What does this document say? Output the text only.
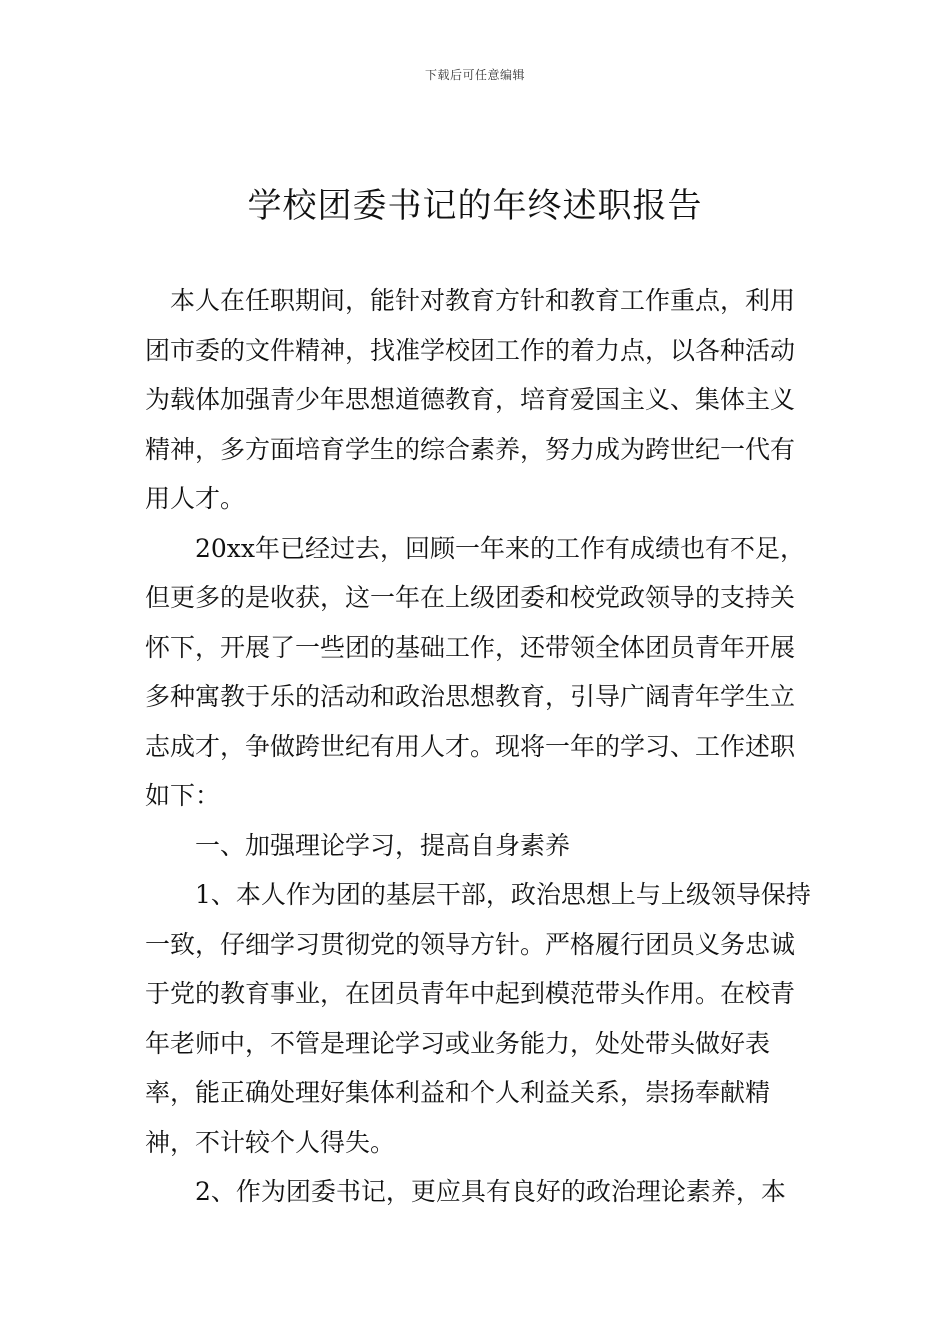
下载后可任意编辑
学校团委书记的年终述职报告

本人在任职期间，能针对教育方针和教育工作重点，利用团市委的文件精神，找准学校团工作的着力点，以各种活动为载体加强青少年思想道德教育，培育爱国主义、集体主义精神，多方面培育学生的综合素养，努力成为跨世纪一代有用人才。

20xx年已经过去，回顾一年来的工作有成绩也有不足，但更多的是收获，这一年在上级团委和校党政领导的支持关怀下，开展了一些团的基础工作，还带领全体团员青年开展多种寓教于乐的活动和政治思想教育，引导广阔青年学生立志成才，争做跨世纪有用人才。现将一年的学习、工作述职如下：

一、加强理论学习，提高自身素养

1、本人作为团的基层干部，政治思想上与上级领导保持一致，仔细学习贯彻党的领导方针。严格履行团员义务忠诚于党的教育事业，在团员青年中起到模范带头作用。在校青年老师中，不管是理论学习或业务能力，处处带头做好表率，能正确处理好集体利益和个人利益关系，崇扬奉献精神，不计较个人得失。

2、作为团委书记，更应具有良好的政治理论素养，本
